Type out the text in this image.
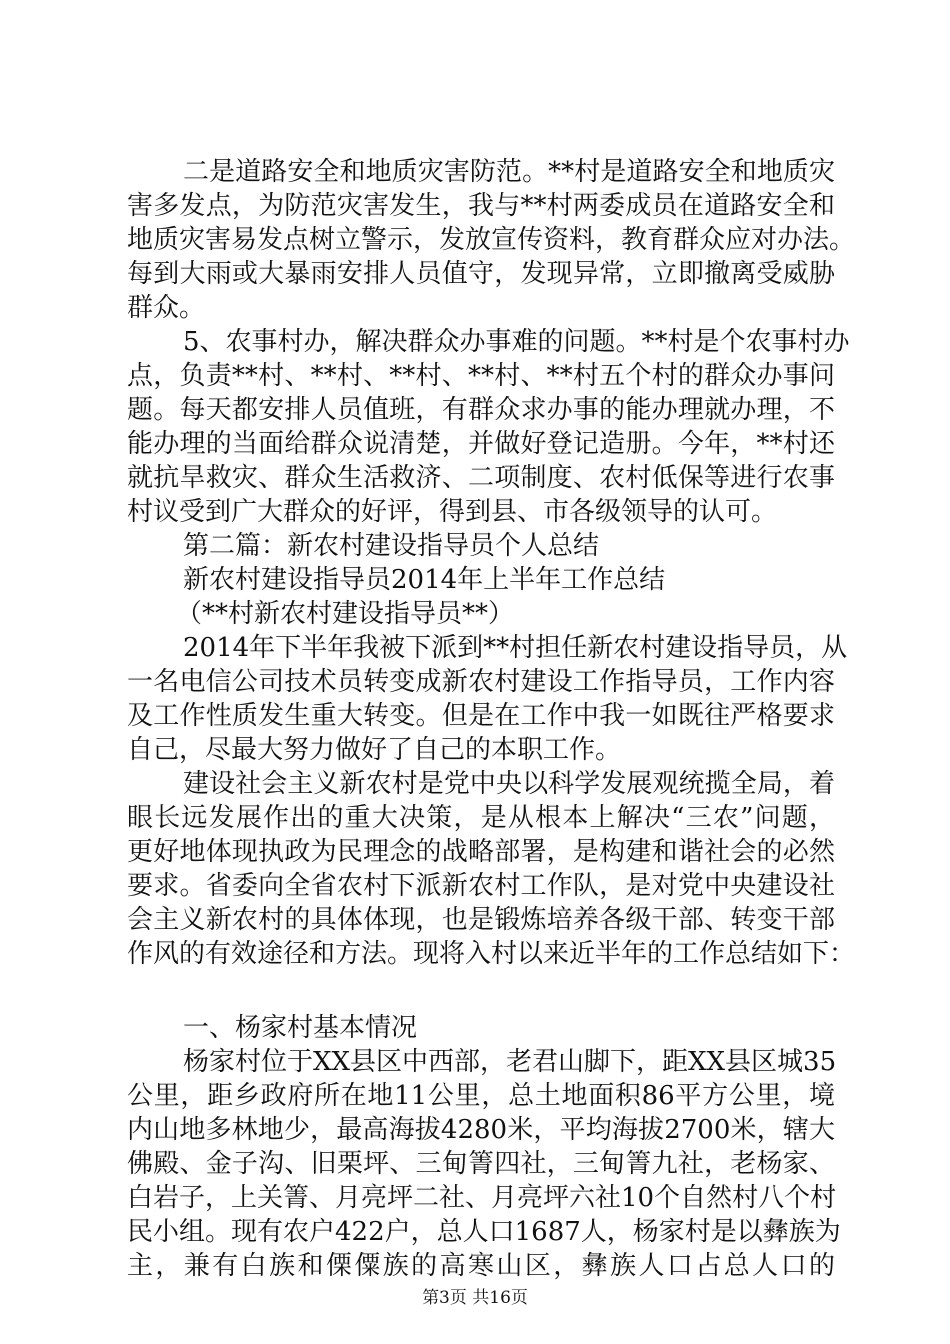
二是道路安全和地质灾害防范。**村是道路安全和地质灾
害多发点，为防范灾害发生，我与**村两委成员在道路安全和
地质灾害易发点树立警示，发放宣传资料，教育群众应对办法。
每到大雨或大暴雨安排人员值守，发现异常，立即撤离受威胁
群众。
5、农事村办，解决群众办事难的问题。**村是个农事村办
点，负责**村、**村、**村、**村、**村五个村的群众办事问
题。每天都安排人员值班，有群众求办事的能办理就办理，不
能办理的当面给群众说清楚，并做好登记造册。今年，**村还
就抗旱救灾、群众生活救济、二项制度、农村低保等进行农事
村议受到广大群众的好评，得到县、市各级领导的认可。
第二篇：新农村建设指导员个人总结
新农村建设指导员2014年上半年工作总结
（**村新农村建设指导员**）
2014年下半年我被下派到**村担任新农村建设指导员，从
一名电信公司技术员转变成新农村建设工作指导员，工作内容
及工作性质发生重大转变。但是在工作中我一如既往严格要求
自己，尽最大努力做好了自己的本职工作。
建设社会主义新农村是党中央以科学发展观统揽全局，着
眼长远发展作出的重大决策，是从根本上解决“三农”问题，
更好地体现执政为民理念的战略部署，是构建和谐社会的必然
要求。省委向全省农村下派新农村工作队，是对党中央建设社
会主义新农村的具体体现，也是锻炼培养各级干部、转变干部
作风的有效途径和方法。现将入村以来近半年的工作总结如下：
一、杨家村基本情况
杨家村位于XX县区中西部，老君山脚下，距XX县区城35
公里，距乡政府所在地11公里，总土地面积86平方公里，境
内山地多林地少，最高海拔4280米，平均海拔2700米，辖大
佛殿、金子沟、旧栗坪、三甸箐四社，三甸箐九社，老杨家、
白岩子，上关箐、月亮坪二社、月亮坪六社10个自然村八个村
民小组。现有农户422户，总人口1687人，杨家村是以彝族为
主，兼有白族和傈僳族的高寒山区，彝族人口占总人口的
第3页 共16页
